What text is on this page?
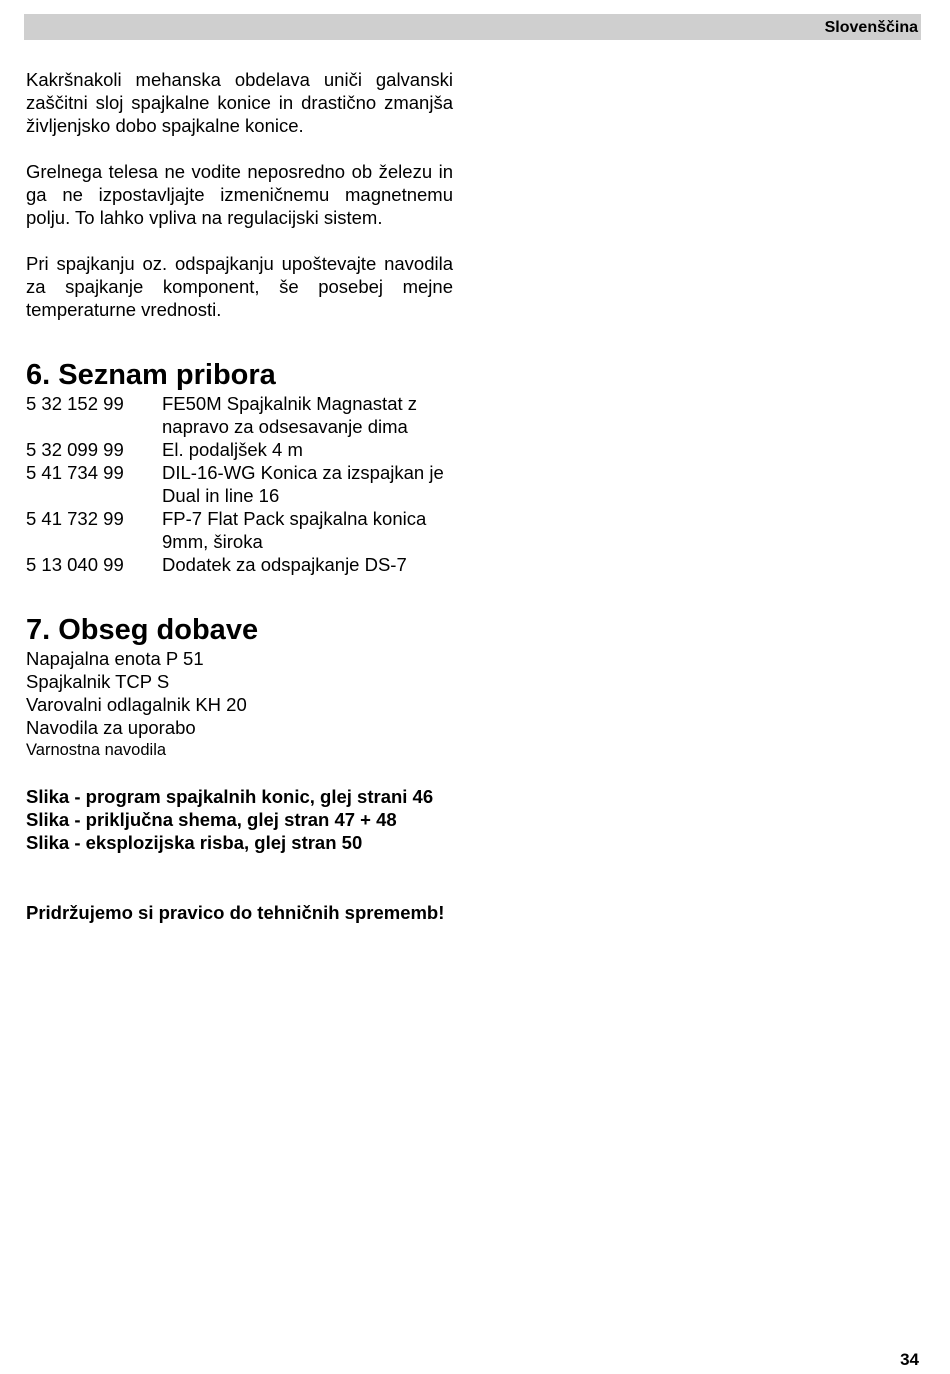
Slovenščina

Kakršnakoli mehanska obdelava uniči galvanski zaščitni sloj spajkalne konice in drastično zmanjša življenjsko dobo spajkalne konice.

Grelnega telesa ne vodite neposredno ob železu in ga ne izpostavljajte izmeničnemu magnetnemu polju. To lahko vpliva na regulacijski sistem.

Pri spajkanju oz. odspajkanju upoštevajte navodila za spajkanje komponent, še posebej mejne temperaturne vrednosti.

6. Seznam pribora
5 32 152 99	FE50M Spajkalnik Magnastat z napravo za odsesavanje dima
5 32 099 99	El. podaljšek 4 m
5 41 734 99	DIL-16-WG Konica za izspajkan je Dual in line 16
5 41 732 99	FP-7 Flat Pack spajkalna konica 9mm, široka
5 13 040 99	Dodatek za odspajkanje DS-7
7. Obseg dobave

Napajalna enota P 51

Spajkalnik TCP S

Varovalni odlagalnik KH 20

Navodila za uporabo

Varnostna navodila

Slika - program spajkalnih konic, glej strani 46

Slika - priključna shema, glej stran 47 + 48

Slika - eksplozijska risba, glej stran 50

Pridržujemo si pravico do tehničnih sprememb!

34
